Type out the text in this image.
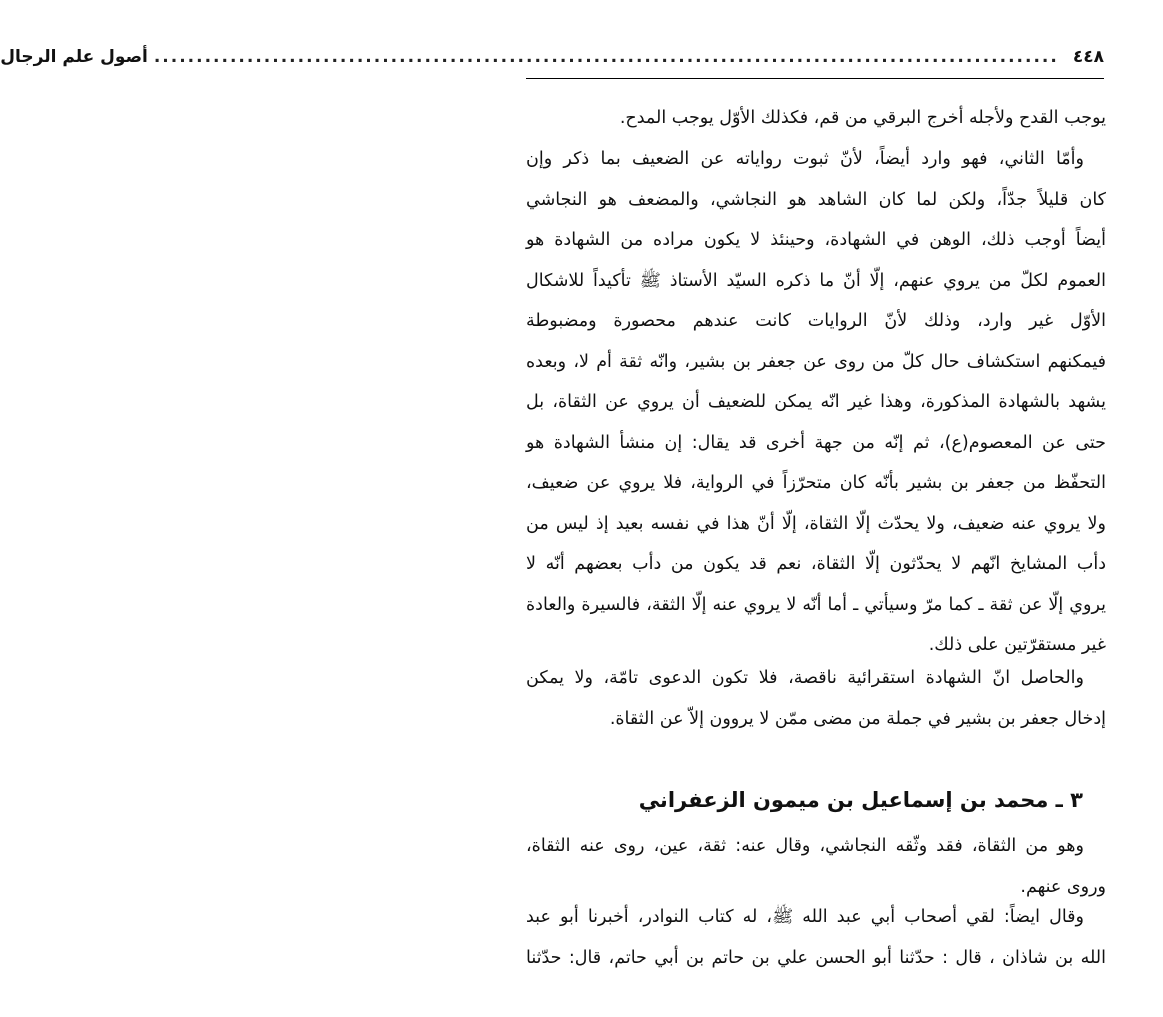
٤٤٨
...........................................................................................................
أصول علم الرجال
يوجب القدح ولأجله أخرج البرقي من قم، فكذلك الأوّل يوجب المدح.
وأمّا الثاني، فهو وارد أيضاً، لأنّ ثبوت رواياته عن الضعيف بما ذكر وإن
كان قليلاً جدّاً، ولكن لما كان الشاهد هو النجاشي، والمضعف هو النجاشي
أيضاً أوجب ذلك، الوهن في الشهادة، وحينئذ لا يكون مراده من الشهادة هو
العموم لكلّ من يروي عنهم، إلّا أنّ ما ذكره السيّد الأستاذ ﷺ تأكيداً للاشكال
الأوّل غير وارد، وذلك لأنّ الروايات كانت عندهم محصورة ومضبوطة
فيمكنهم استكشاف حال كلّ من روى عن جعفر بن بشير، وانّه ثقة أم لا، وبعده
يشهد بالشهادة المذكورة، وهذا غير انّه يمكن للضعيف أن يروي عن الثقاة، بل
حتى عن المعصوم(ع)، ثم إنّه من جهة أخرى قد يقال: إن منشأ الشهادة هو
التحفّظ من جعفر بن بشير بأنّه كان متحرّزاً في الرواية، فلا يروي عن ضعيف،
ولا يروي عنه ضعيف، ولا يحدّث إلّا الثقاة، إلّا أنّ هذا في نفسه بعيد إذ ليس من
دأب المشايخ انّهم لا يحدّثون إلّا الثقاة، نعم قد يكون من دأب بعضهم أنّه لا
يروي إلّا عن ثقة ـ كما مرّ وسيأتي ـ أما أنّه لا يروي عنه إلّا الثقة، فالسيرة والعادة
غير مستقرّتين على ذلك.
والحاصل انّ الشهادة استقرائية ناقصة، فلا تكون الدعوى تامّة، ولا يمكن
إدخال جعفر بن بشير في جملة من مضى ممّن لا يروون إلاّ عن الثقاة.
٣ ـ محمد بن إسماعيل بن ميمون الزعفراني
وهو من الثقاة، فقد وثّقه النجاشي، وقال عنه: ثقة، عين، روى عنه الثقاة،
وروى عنهم.
وقال ايضاً: لقي أصحاب أبي عبد الله ﷺ، له كتاب النوادر، أخبرنا أبو عبد
الله بن شاذان ، قال : حدّثنا أبو الحسن علي بن حاتم بن أبي حاتم، قال: حدّثنا
